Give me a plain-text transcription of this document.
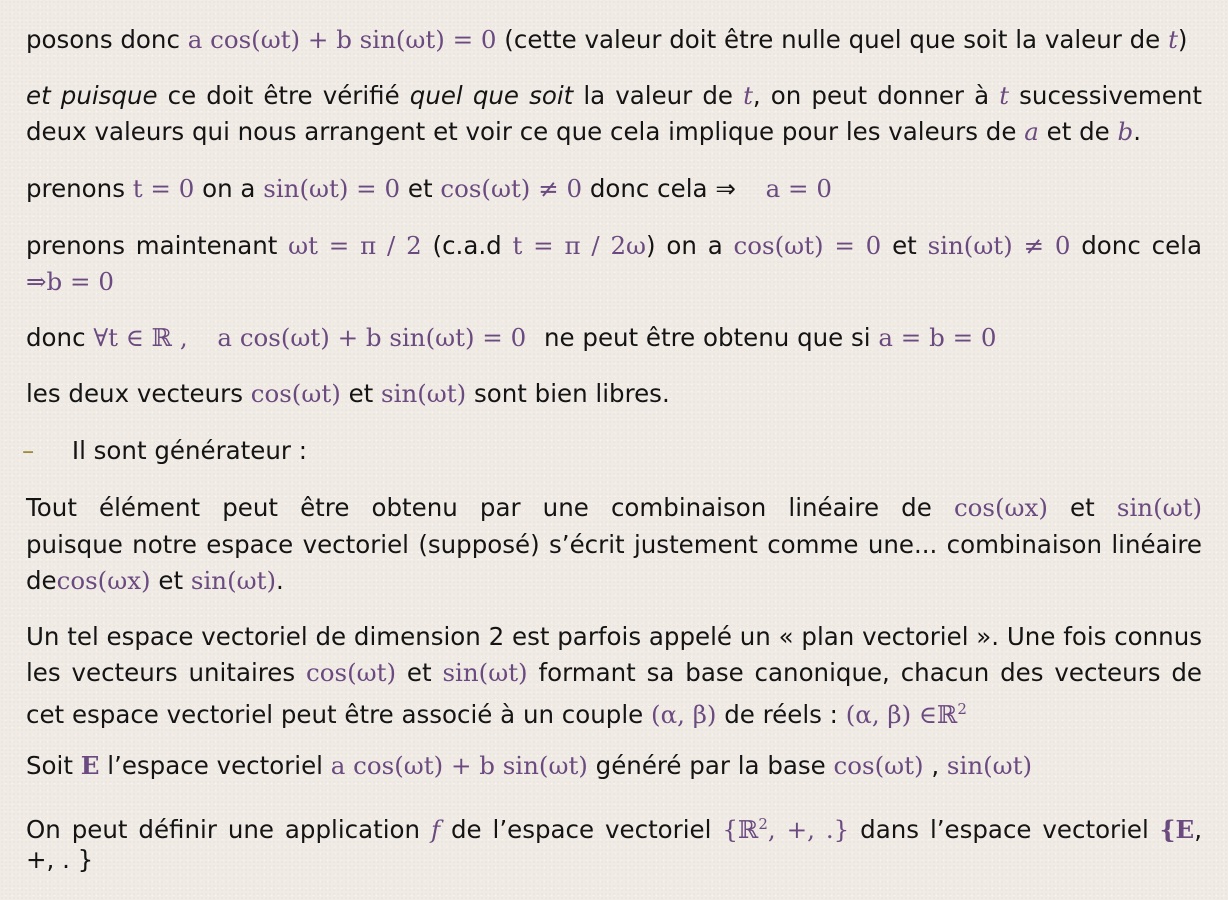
posons donc a cos(ωt) + b sin(ωt) = 0 (cette valeur doit être nulle quel que soit la valeur de t)
et puisque ce doit être vérifié quel que soit la valeur de t, on peut donner à t sucessivement
deux valeurs qui nous arrangent et voir ce que cela implique pour les valeurs de a et de b.
prenons t = 0 on a sin(ωt) = 0 et cos(ωt) ≠ 0 donc cela ⇒ a = 0
prenons maintenant ωt = π / 2 (c.a.d t = π / 2ω) on a cos(ωt) = 0 et sin(ωt) ≠ 0 donc cela
⇒b = 0
donc ∀t ∈ ℝ , a cos(ωt) + b sin(ωt) = 0 ne peut être obtenu que si a = b = 0
les deux vecteurs cos(ωt) et sin(ωt) sont bien libres.
– Il sont générateur :
Tout élément peut être obtenu par une combinaison linéaire de cos(ωx) et sin(ωt)
puisque notre espace vectoriel (supposé) s’écrit justement comme une... combinaison linéaire
decos(ωx) et sin(ωt).
Un tel espace vectoriel de dimension 2 est parfois appelé un « plan vectoriel ». Une fois connus
les vecteurs unitaires cos(ωt) et sin(ωt) formant sa base canonique, chacun des vecteurs de
cet espace vectoriel peut être associé à un couple (α, β) de réels : (α, β) ∈ℝ$^2$
Soit E l’espace vectoriel a cos(ωt) + b sin(ωt) généré par la base cos(ωt) , sin(ωt)
On peut définir une application f de l’espace vectoriel {ℝ$^2$, +, .} dans l’espace vectoriel {E,
+, . }
